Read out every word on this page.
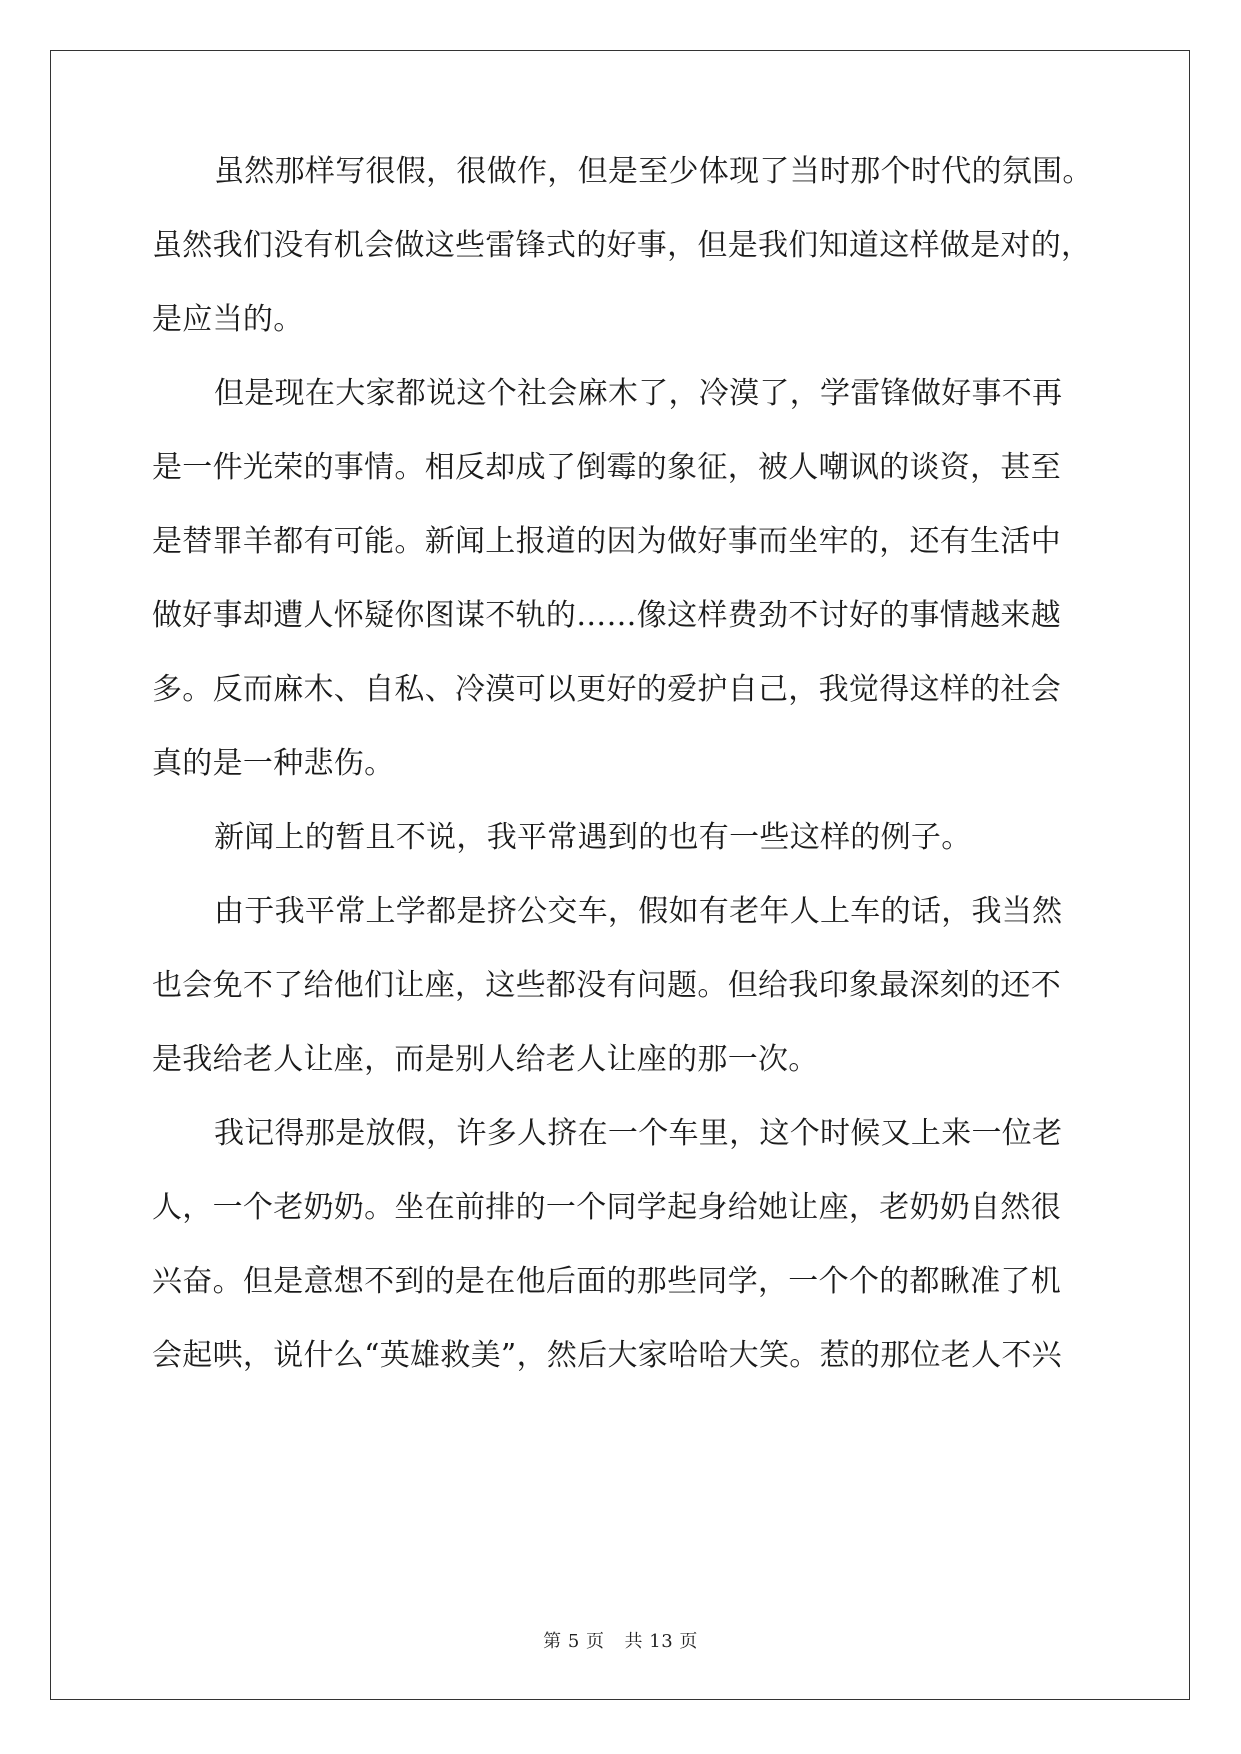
虽然那样写很假，很做作，但是至少体现了当时那个时代的氛围。
虽然我们没有机会做这些雷锋式的好事，但是我们知道这样做是对的，
是应当的。
但是现在大家都说这个社会麻木了，冷漠了，学雷锋做好事不再
是一件光荣的事情。相反却成了倒霉的象征，被人嘲讽的谈资，甚至
是替罪羊都有可能。新闻上报道的因为做好事而坐牢的，还有生活中
做好事却遭人怀疑你图谋不轨的……像这样费劲不讨好的事情越来越
多。反而麻木、自私、冷漠可以更好的爱护自己，我觉得这样的社会
真的是一种悲伤。
新闻上的暂且不说，我平常遇到的也有一些这样的例子。
由于我平常上学都是挤公交车，假如有老年人上车的话，我当然
也会免不了给他们让座，这些都没有问题。但给我印象最深刻的还不
是我给老人让座，而是别人给老人让座的那一次。
我记得那是放假，许多人挤在一个车里，这个时候又上来一位老
人，一个老奶奶。坐在前排的一个同学起身给她让座，老奶奶自然很
兴奋。但是意想不到的是在他后面的那些同学，一个个的都瞅准了机
会起哄，说什么“英雄救美”，然后大家哈哈大笑。惹的那位老人不兴
第 5 页 共 13 页
